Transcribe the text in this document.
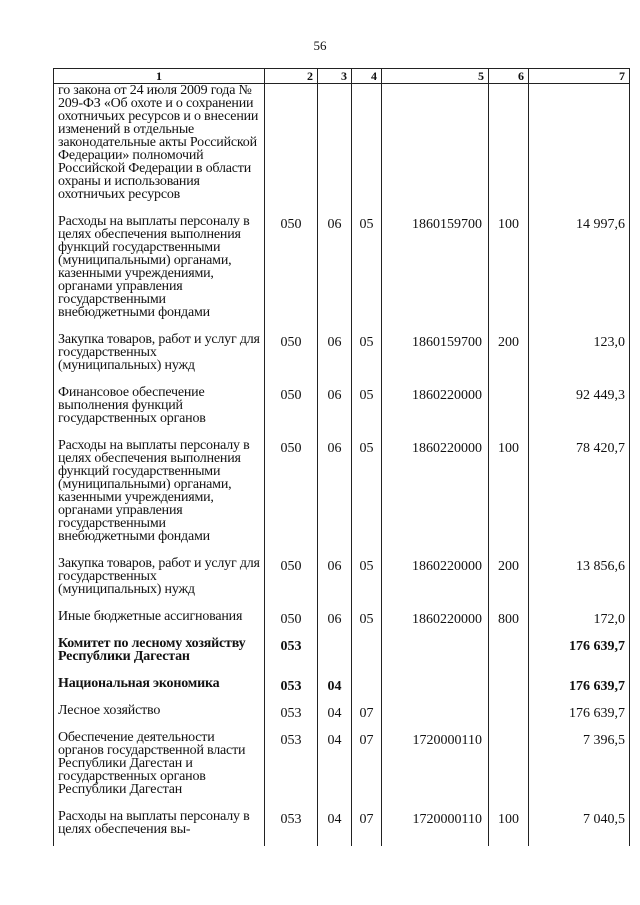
56
1	2	3	4	5	6	7
го закона от 24 июля 2009 года № 209-ФЗ «Об охоте и о сохранении охотничьих ресурсов и о внесении изменений в отдельные законодательные акты Российской Федерации» полномочий Российской Федерации в области охраны и использования охотничьих ресурсов						
Расходы на выплаты персоналу в целях обеспечения выполнения функций государственными (муниципальными) органами, казенными учреждениями, органами управления государственными внебюджетными фондами	050	06	05	1860159700	100	14 997,6
Закупка товаров, работ и услуг для государственных (муниципальных) нужд	050	06	05	1860159700	200	123,0
Финансовое обеспечение выполнения функций государственных органов	050	06	05	1860220000		92 449,3
Расходы на выплаты персоналу в целях обеспечения выполнения функций государственными (муниципальными) органами, казенными учреждениями, органами управления государственными внебюджетными фондами	050	06	05	1860220000	100	78 420,7
Закупка товаров, работ и услуг для государственных (муниципальных) нужд	050	06	05	1860220000	200	13 856,6
Иные бюджетные ассигнования	050	06	05	1860220000	800	172,0
Комитет по лесному хозяйству Республики Дагестан	053					176 639,7
Национальная экономика	053	04				176 639,7
Лесное хозяйство	053	04	07			176 639,7
Обеспечение деятельности органов государственной власти Республики Дагестан и государственных органов Республики Дагестан	053	04	07	1720000110		7 396,5
Расходы на выплаты персоналу в целях обеспечения вы-	053	04	07	1720000110	100	7 040,5
